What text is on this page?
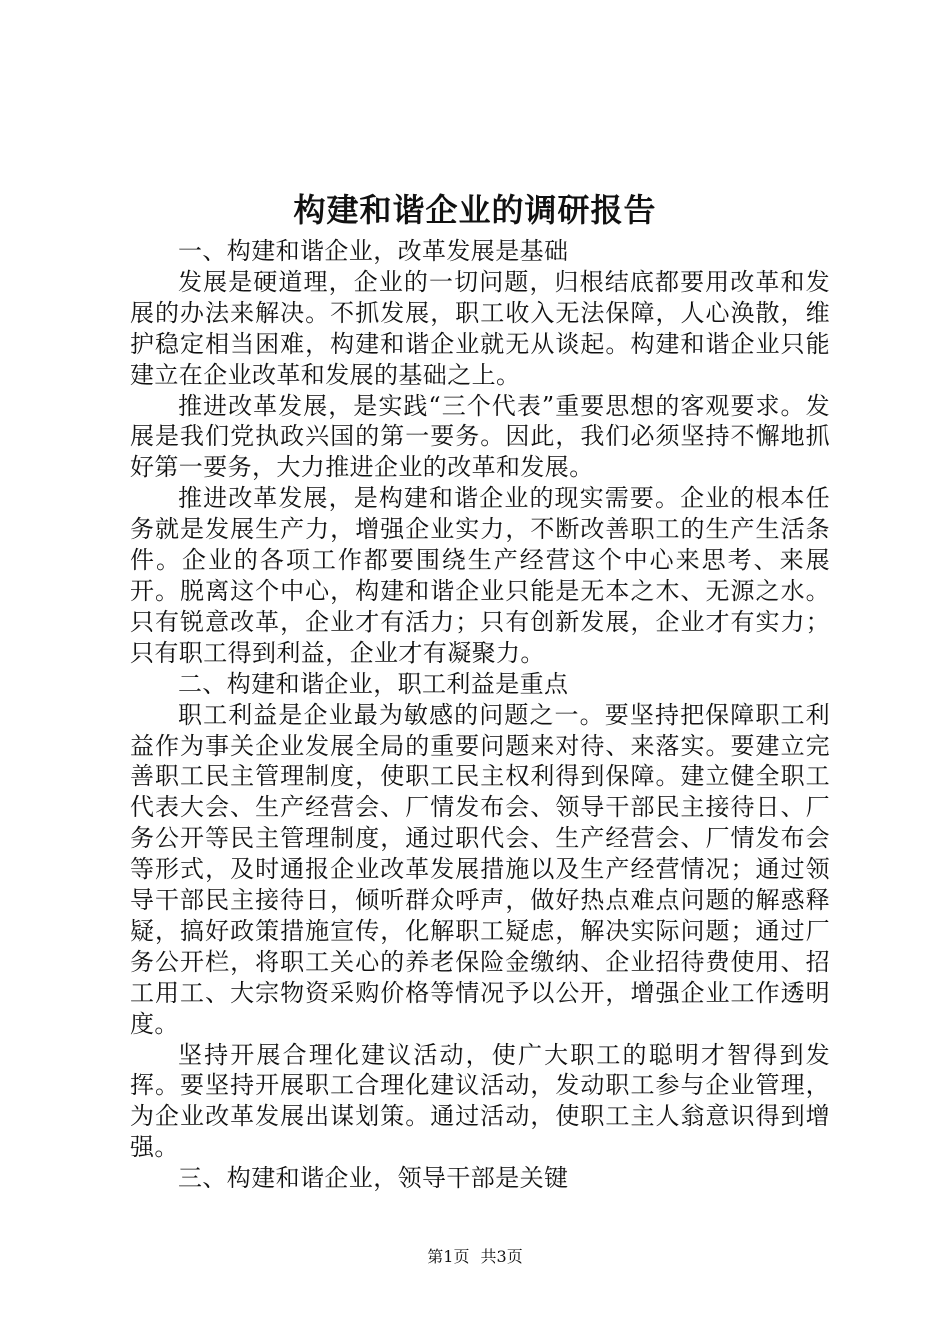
构建和谐企业的调研报告

一、构建和谐企业，改革发展是基础

发展是硬道理，企业的一切问题，归根结底都要用改革和发展的办法来解决。不抓发展，职工收入无法保障，人心涣散，维护稳定相当困难，构建和谐企业就无从谈起。构建和谐企业只能建立在企业改革和发展的基础之上。

推进改革发展，是实践“三个代表”重要思想的客观要求。发展是我们党执政兴国的第一要务。因此，我们必须坚持不懈地抓好第一要务，大力推进企业的改革和发展。

推进改革发展，是构建和谐企业的现实需要。企业的根本任务就是发展生产力，增强企业实力，不断改善职工的生产生活条件。企业的各项工作都要围绕生产经营这个中心来思考、来展开。脱离这个中心，构建和谐企业只能是无本之木、无源之水。只有锐意改革，企业才有活力；只有创新发展，企业才有实力；只有职工得到利益，企业才有凝聚力。

二、构建和谐企业，职工利益是重点

职工利益是企业最为敏感的问题之一。要坚持把保障职工利益作为事关企业发展全局的重要问题来对待、来落实。要建立完善职工民主管理制度，使职工民主权利得到保障。建立健全职工代表大会、生产经营会、厂情发布会、领导干部民主接待日、厂务公开等民主管理制度，通过职代会、生产经营会、厂情发布会等形式，及时通报企业改革发展措施以及生产经营情况；通过领导干部民主接待日，倾听群众呼声，做好热点难点问题的解惑释疑，搞好政策措施宣传，化解职工疑虑，解决实际问题；通过厂务公开栏，将职工关心的养老保险金缴纳、企业招待费使用、招工用工、大宗物资采购价格等情况予以公开，增强企业工作透明度。

坚持开展合理化建议活动，使广大职工的聪明才智得到发挥。要坚持开展职工合理化建议活动，发动职工参与企业管理，为企业改革发展出谋划策。通过活动，使职工主人翁意识得到增强。

三、构建和谐企业，领导干部是关键

第1页 共3页
